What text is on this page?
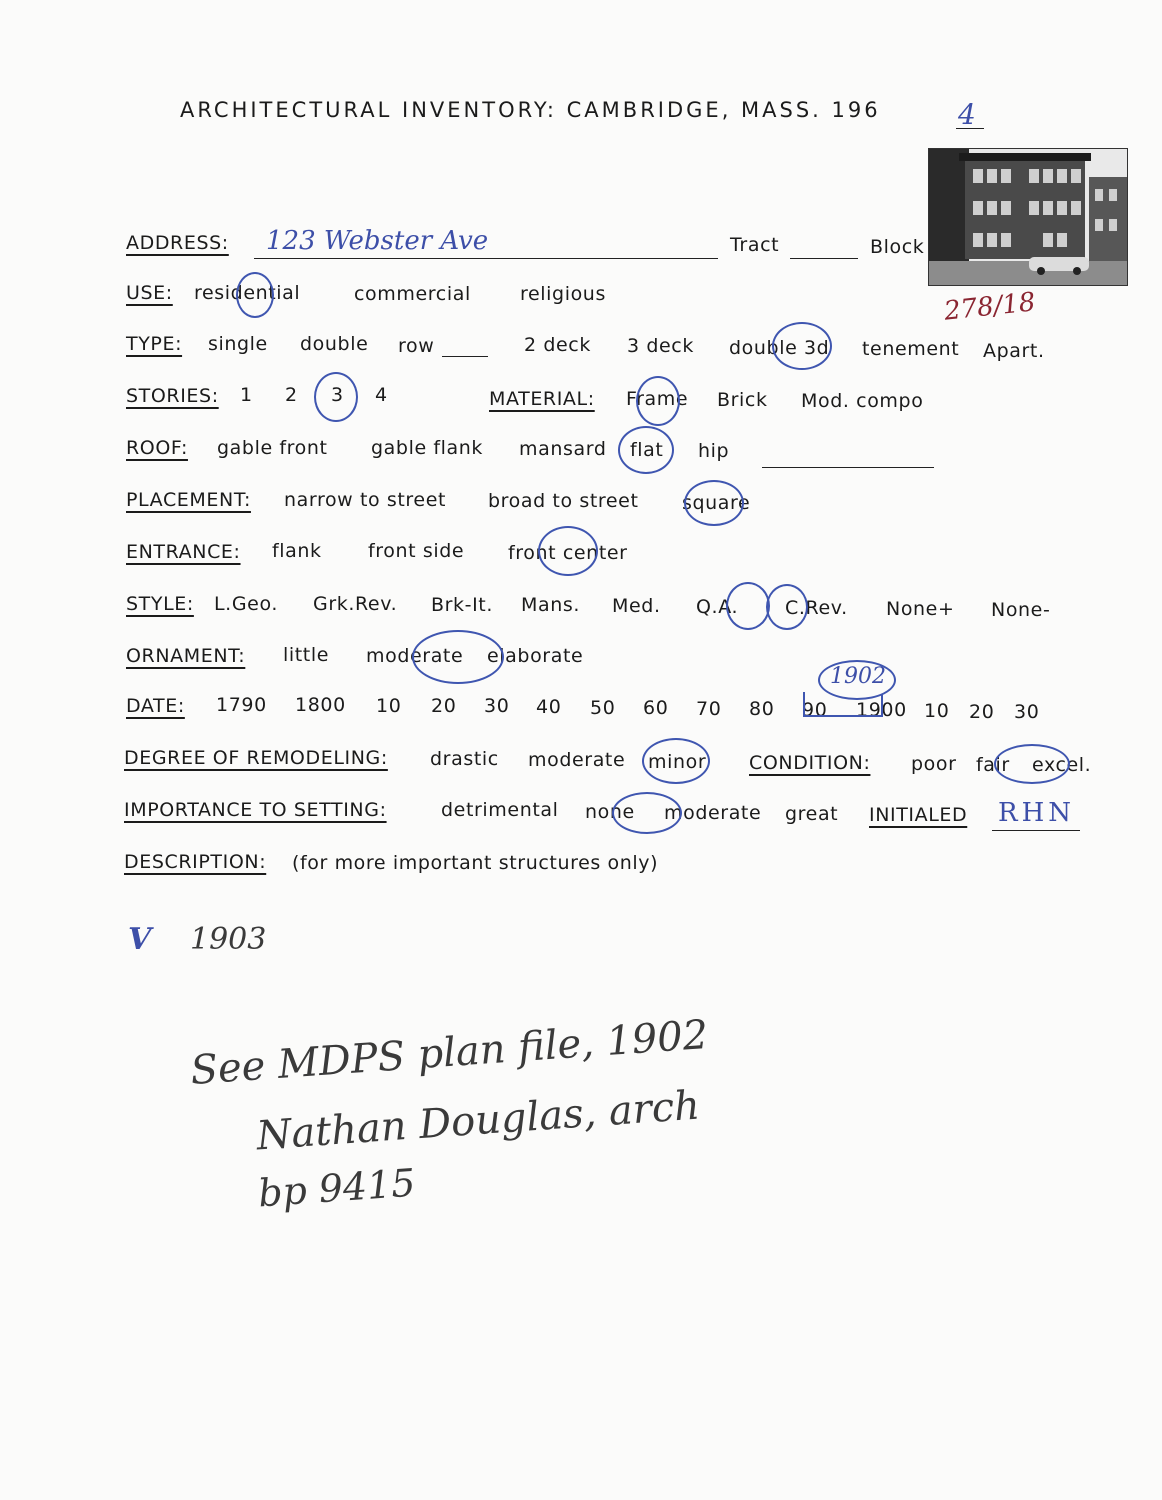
ARCHITECTURAL INVENTORY: CAMBRIDGE, MASS. 196	4
278/18
ADDRESS: 123 Webster Ave	Tract	Block
USE: residential	commercial	religious
TYPE: single double row	2 deck 3 deck double 3d tenement Apart.
STORIES: 1 2 3 4	MATERIAL: Frame Brick Mod. compo
ROOF: gable front gable flank mansard flat hip
PLACEMENT: narrow to street broad to street square
ENTRANCE: flank front side front center
STYLE: L.Geo. Grk.Rev. Brk-It. Mans. Med. Q.A. C.Rev. None+ None-
ORNAMENT: little moderate elaborate
DATE: 1790 1800 10 20 30 40 50 60 70 80 90 1900 10 20 30
1902
DEGREE OF REMODELING: drastic moderate minor CONDITION: poor fair excel.
IMPORTANCE TO SETTING:	detrimental none moderate great INITIALED RHN
DESCRIPTION: (for more important structures only)
V 1903
See MDPS plan file, 1902
Nathan Douglas, arch
bp 9415
